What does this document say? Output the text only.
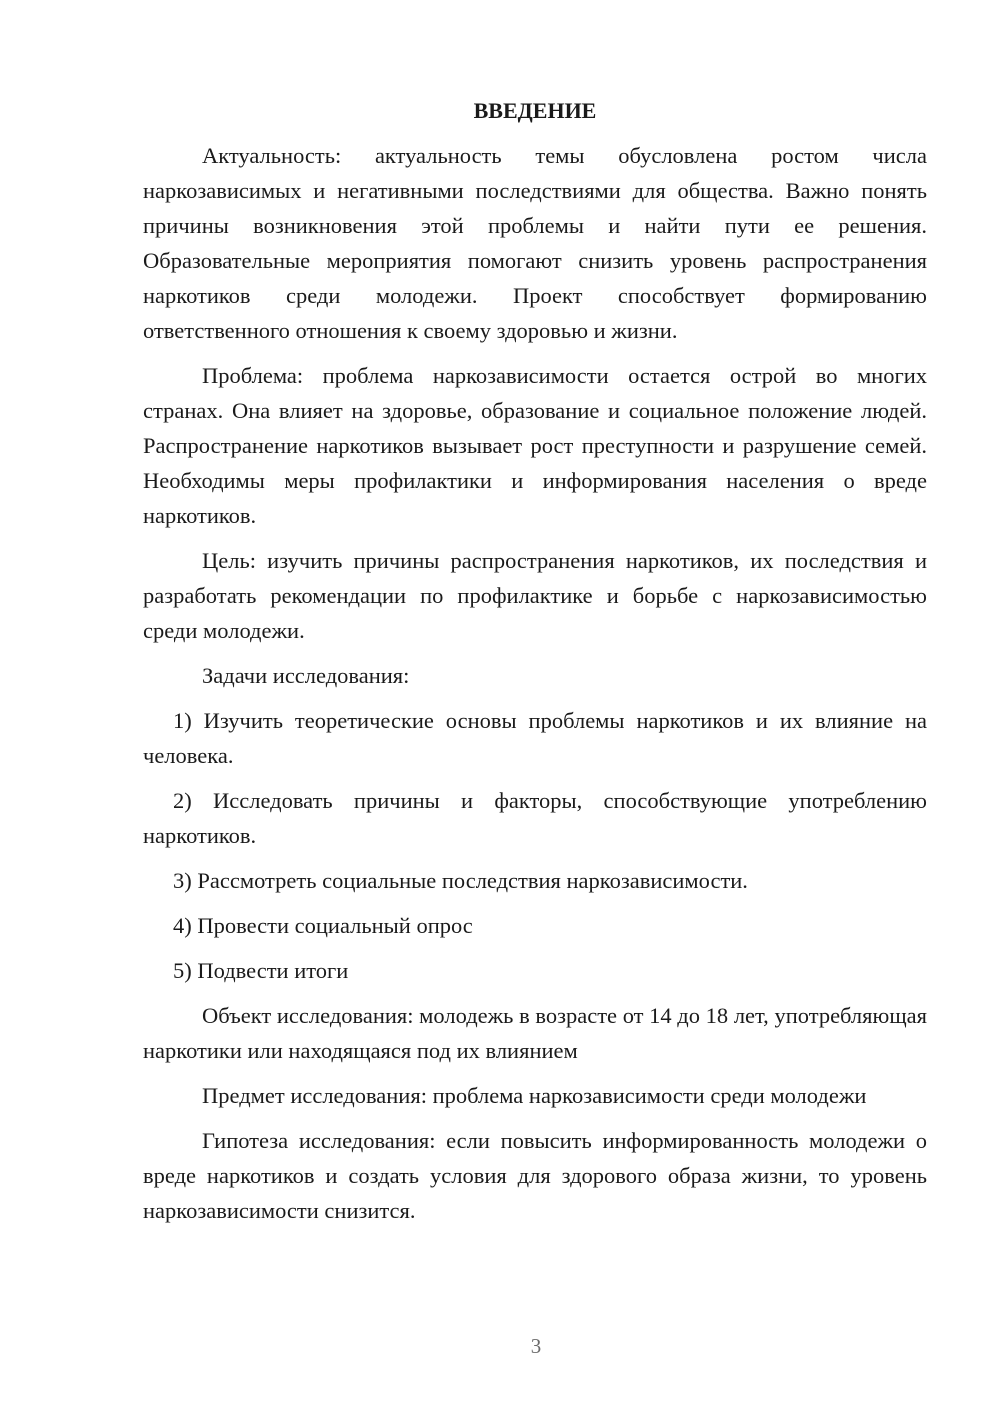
ВВЕДЕНИЕ

Актуальность: актуальность темы обусловлена ростом числа наркозависимых и негативными последствиями для общества. Важно понять причины возникновения этой проблемы и найти пути ее решения. Образовательные мероприятия помогают снизить уровень распространения наркотиков среди молодежи. Проект способствует формированию ответственного отношения к своему здоровью и жизни.

Проблема: проблема наркозависимости остается острой во многих странах. Она влияет на здоровье, образование и социальное положение людей. Распространение наркотиков вызывает рост преступности и разрушение семей. Необходимы меры профилактики и информирования населения о вреде наркотиков.

Цель: изучить причины распространения наркотиков, их последствия и разработать рекомендации по профилактике и борьбе с наркозависимостью среди молодежи.

Задачи исследования:

1) Изучить теоретические основы проблемы наркотиков и их влияние на человека.

2) Исследовать причины и факторы, способствующие употреблению наркотиков.

3) Рассмотреть социальные последствия наркозависимости.

4) Провести социальный опрос

5) Подвести итоги

Объект исследования: молодежь в возрасте от 14 до 18 лет, употребляющая наркотики или находящаяся под их влиянием

Предмет исследования: проблема наркозависимости среди молодежи

Гипотеза исследования: если повысить информированность молодежи о вреде наркотиков и создать условия для здорового образа жизни, то уровень наркозависимости снизится.

3
